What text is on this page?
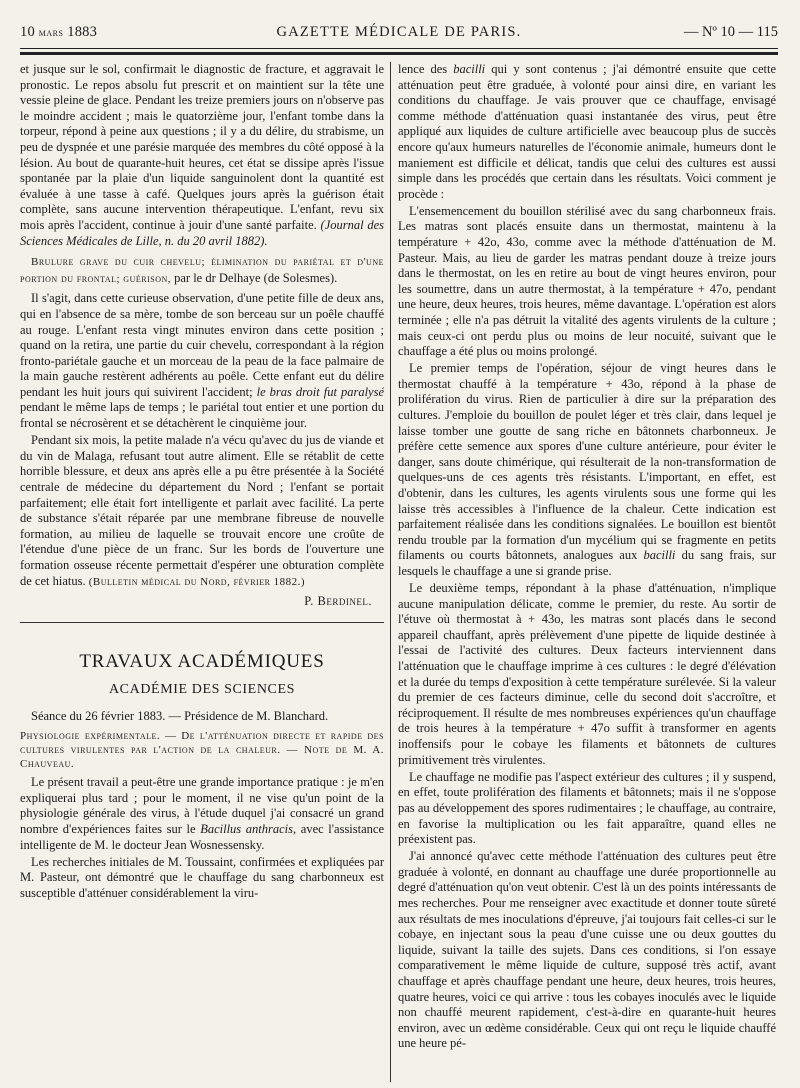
10 mars 1883	GAZETTE MÉDICALE DE PARIS.	— Nº 10 — 115

et jusque sur le sol, confirmait le diagnostic de fracture, et aggravait le pronostic. Le repos absolu fut prescrit et on maintient sur la tête une vessie pleine de glace. Pendant les treize premiers jours on n'observe pas le moindre accident ; mais le quatorzième jour, l'enfant tombe dans la torpeur, répond à peine aux questions ; il y a du délire, du strabisme, un peu de dyspnée et une parésie marquée des membres du côté opposé à la lésion. Au bout de quarante-huit heures, cet état se dissipe après l'issue spontanée par la plaie d'un liquide sanguinolent dont la quantité est évaluée à une tasse à café. Quelques jours après la guérison était complète, sans aucune intervention thérapeutique. L'enfant, revu six mois après l'accident, continue à jouir d'une santé parfaite. (Journal des Sciences Médicales de Lille, n. du 20 avril 1882).

Brulure grave du cuir chevelu; élimination du pariétal et d'une portion du frontal; guérison, par le dr Delhaye (de Solesmes).

Il s'agit, dans cette curieuse observation, d'une petite fille de deux ans, qui en l'absence de sa mère, tombe de son berceau sur un poêle chauffé au rouge. L'enfant resta vingt minutes environ dans cette position ; quand on la retira, une partie du cuir chevelu, correspondant à la région fronto-pariétale gauche et un morceau de la peau de la face palmaire de la main gauche restèrent adhérents au poêle. Cette enfant eut du délire pendant les huit jours qui suivirent l'accident; le bras droit fut paralysé pendant le même laps de temps ; le pariétal tout entier et une portion du frontal se nécrosèrent et se détachèrent le cinquième jour.

Pendant six mois, la petite malade n'a vécu qu'avec du jus de viande et du vin de Malaga, refusant tout autre aliment. Elle se rétablit de cette horrible blessure, et deux ans après elle a pu être présentée à la Société centrale de médecine du département du Nord ; l'enfant se portait parfaitement; elle était fort intelligente et parlait avec facilité. La perte de substance s'était réparée par une membrane fibreuse de nouvelle formation, au milieu de laquelle se trouvait encore une croûte de l'étendue d'une pièce de un franc. Sur les bords de l'ouverture une formation osseuse récente permettait d'espérer une obturation complète de cet hiatus. (Bulletin médical du Nord, février 1882.)

P. Berdinel.
TRAVAUX ACADÉMIQUES
ACADÉMIE DES SCIENCES

Séance du 26 février 1883. — Présidence de M. Blanchard.

Physiologie expérimentale. — De l'atténuation directe et rapide des cultures virulentes par l'action de la chaleur. — Note de M. A. Chauveau.

Le présent travail a peut-être une grande importance pratique : je m'en expliquerai plus tard ; pour le moment, il ne vise qu'un point de la physiologie générale des virus, à l'étude duquel j'ai consacré un grand nombre d'expériences faites sur le Bacillus anthracis, avec l'assistance intelligente de M. le docteur Jean Wosnessensky.

Les recherches initiales de M. Toussaint, confirmées et expliquées par M. Pasteur, ont démontré que le chauffage du sang charbonneux est susceptible d'atténuer considérablement la viru-

lence des bacilli qui y sont contenus ; j'ai démontré ensuite que cette atténuation peut être graduée, à volonté pour ainsi dire, en variant les conditions du chauffage. Je vais prouver que ce chauffage, envisagé comme méthode d'atténuation quasi instantanée des virus, peut être appliqué aux liquides de culture artificielle avec beaucoup plus de succès encore qu'aux humeurs naturelles de l'économie animale, humeurs dont le maniement est difficile et délicat, tandis que celui des cultures est aussi simple dans les procédés que certain dans les résultats. Voici comment je procède :

L'ensemencement du bouillon stérilisé avec du sang charbonneux frais. Les matras sont placés ensuite dans un thermostat, maintenu à la température + 42o, 43o, comme avec la méthode d'atténuation de M. Pasteur. Mais, au lieu de garder les matras pendant douze à treize jours dans le thermostat, on les en retire au bout de vingt heures environ, pour les soumettre, dans un autre thermostat, à la température + 47o, pendant une heure, deux heures, trois heures, même davantage. L'opération est alors terminée ; elle n'a pas détruit la vitalité des agents virulents de la culture ; mais ceux-ci ont perdu plus ou moins de leur nocuité, suivant que le chauffage a été plus ou moins prolongé.

Le premier temps de l'opération, séjour de vingt heures dans le thermostat chauffé à la température + 43o, répond à la phase de prolifération du virus. Rien de particulier à dire sur la préparation des cultures. J'emploie du bouillon de poulet léger et très clair, dans lequel je laisse tomber une goutte de sang riche en bâtonnets charbonneux. Je préfère cette semence aux spores d'une culture antérieure, pour éviter le danger, sans doute chimérique, qui résulterait de la non-transformation de quelques-uns de ces agents très résistants. L'important, en effet, est d'obtenir, dans les cultures, les agents virulents sous une forme qui les laisse très accessibles à l'influence de la chaleur. Cette indication est parfaitement réalisée dans les conditions signalées. Le bouillon est bientôt rendu trouble par la formation d'un mycélium qui se fragmente en petits filaments ou courts bâtonnets, analogues aux bacilli du sang frais, sur lesquels le chauffage a une si grande prise.

Le deuxième temps, répondant à la phase d'atténuation, n'implique aucune manipulation délicate, comme le premier, du reste. Au sortir de l'étuve où thermostat à + 43o, les matras sont placés dans le second appareil chauffant, après prélèvement d'une pipette de liquide destinée à l'essai de l'activité des cultures. Deux facteurs interviennent dans l'atténuation que le chauffage imprime à ces cultures : le degré d'élévation et la durée du temps d'exposition à cette température surélevée. Si la valeur du premier de ces facteurs diminue, celle du second doit s'accroître, et réciproquement. Il résulte de mes nombreuses expériences qu'un chauffage de trois heures à la température + 47o suffit à transformer en agents inoffensifs pour le cobaye les filaments et bâtonnets de cultures primitivement très virulentes.

Le chauffage ne modifie pas l'aspect extérieur des cultures ; il y suspend, en effet, toute prolifération des filaments et bâtonnets; mais il ne s'oppose pas au développement des spores rudimentaires ; le chauffage, au contraire, en favorise la multiplication ou les fait apparaître, quand elles ne préexistent pas.

J'ai annoncé qu'avec cette méthode l'atténuation des cultures peut être graduée à volonté, en donnant au chauffage une durée proportionnelle au degré d'atténuation qu'on veut obtenir. C'est là un des points intéressants de mes recherches. Pour me renseigner avec exactitude et donner toute sûreté aux résultats de mes inoculations d'épreuve, j'ai toujours fait celles-ci sur le cobaye, en injectant sous la peau d'une cuisse une ou deux gouttes du liquide, suivant la taille des sujets. Dans ces conditions, si l'on essaye comparativement le même liquide de culture, supposé très actif, avant chauffage et après chauffage pendant une heure, deux heures, trois heures, quatre heures, voici ce qui arrive : tous les cobayes inoculés avec le liquide non chauffé meurent rapidement, c'est-à-dire en quarante-huit heures environ, avec un œdème considérable. Ceux qui ont reçu le liquide chauffé une heure pé-
